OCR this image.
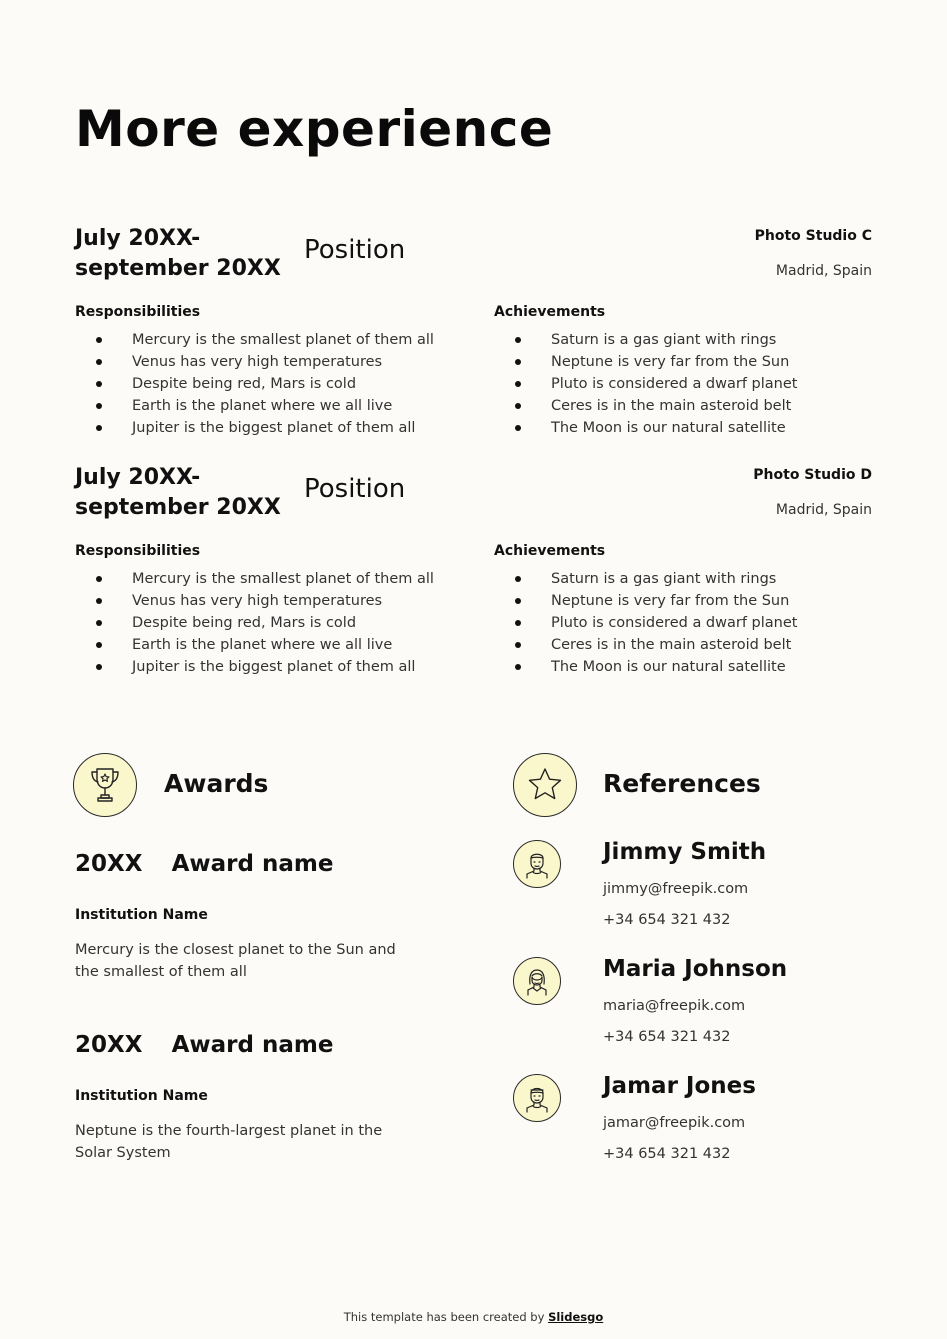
More experience
July 20XX-
september 20XX
Position	Photo Studio C
Madrid, Spain
Responsibilities
Mercury is the smallest planet of them all
Venus has very high temperatures
Despite being red, Mars is cold
Earth is the planet where we all live
Jupiter is the biggest planet of them all
Achievements
Saturn is a gas giant with rings
Neptune is very far from the Sun
Pluto is considered a dwarf planet
Ceres is in the main asteroid belt
The Moon is our natural satellite
July 20XX-
september 20XX
Position	Photo Studio D
Madrid, Spain
Responsibilities
Mercury is the smallest planet of them all
Venus has very high temperatures
Despite being red, Mars is cold
Earth is the planet where we all live
Jupiter is the biggest planet of them all
Achievements
Saturn is a gas giant with rings
Neptune is very far from the Sun
Pluto is considered a dwarf planet
Ceres is in the main asteroid belt
The Moon is our natural satellite
Awards
20XX Award name
Institution Name
Mercury is the closest planet to the Sun and the smallest of them all
20XX Award name
Institution Name
Neptune is the fourth-largest planet in the Solar System
References
Jimmy Smith
jimmy@freepik.com
+34 654 321 432
Maria Johnson
maria@freepik.com
+34 654 321 432
Jamar Jones
jamar@freepik.com
+34 654 321 432
This template has been created by Slidesgo
